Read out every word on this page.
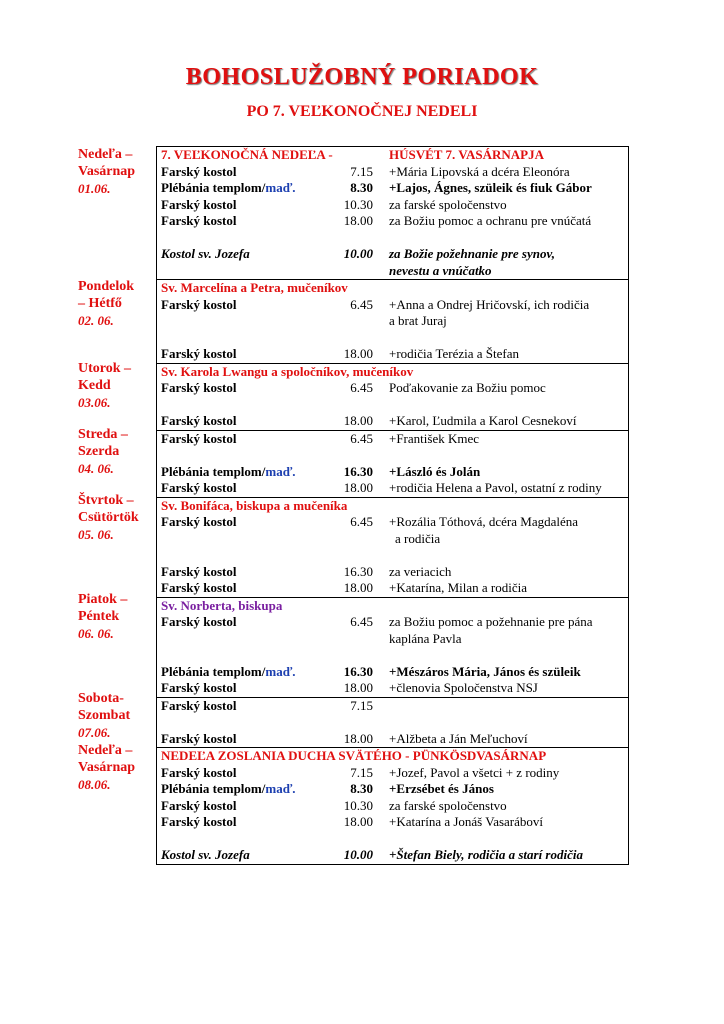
BOHOSLUŽOBNÝ PORIADOK
PO 7. VEĽKONOČNEJ NEDELI
Nedeľa –
Vasárnap
01.06.
Pondelok
– Hétfő
02. 06.
Utorok –
Kedd
03.06.
Streda –
Szerda
04. 06.
Štvrtok –
Csütörtök
05. 06.
Piatok –
Péntek
06. 06.
Sobota-
Szombat
07.06.
Nedeľa –
Vasárnap
08.06.
7. VEĽKONOČNÁ NEDEĽA -	HÚSVÉT 7. VASÁRNAPJA
Farský kostol	7.15 +Mária Lipovská a dcéra Eleonóra
Plébánia templom/maď.	8.30 +Lajos, Ágnes, szüleik és fiuk Gábor
Farský kostol	10.30 za farské spoločenstvo
Farský kostol	18.00 za Božiu pomoc a ochranu pre vnúčatá
Kostol sv. Jozefa	10.00 za Božie požehnanie pre synov,
nevestu a vnúčatko
Sv. Marcelína a Petra, mučeníkov
Farský kostol	6.45 +Anna a Ondrej Hričovskí, ich rodičia
a brat Juraj
Farský kostol	18.00 +rodičia Terézia a Štefan
Sv. Karola Lwangu a spoločníkov, mučeníkov
Farský kostol	6.45 Poďakovanie za Božiu pomoc
Farský kostol	18.00 +Karol, Ľudmila a Karol Cesnekoví
Farský kostol	6.45 +František Kmec
Plébánia templom/maď.	16.30 +László és Jolán
Farský kostol	18.00 +rodičia Helena a Pavol, ostatní z rodiny
Sv. Bonifáca, biskupa a mučeníka
Farský kostol	6.45 +Rozália Tóthová, dcéra Magdaléna
a rodičia
Farský kostol	16.30 za veriacich
Farský kostol	18.00 +Katarína, Milan a rodičia
Sv. Norberta, biskupa
Farský kostol	6.45 za Božiu pomoc a požehnanie pre pána
kaplána Pavla
Plébánia templom/maď.	16.30 +Mészáros Mária, János és szüleik
Farský kostol	18.00 +členovia Spoločenstva NSJ
Farský kostol	7.15
Farský kostol	18.00 +Alžbeta a Ján Meľuchoví
NEDEĽA ZOSLANIA DUCHA SVÄTÉHO - PÜNKÖSDVASÁRNAP
Farský kostol	7.15 +Jozef, Pavol a všetci + z rodiny
Plébánia templom/maď.	8.30 +Erzsébet és János
Farský kostol	10.30 za farské spoločenstvo
Farský kostol	18.00 +Katarína a Jonáš Vasaráboví
Kostol sv. Jozefa	10.00 +Štefan Biely, rodičia a starí rodičia
